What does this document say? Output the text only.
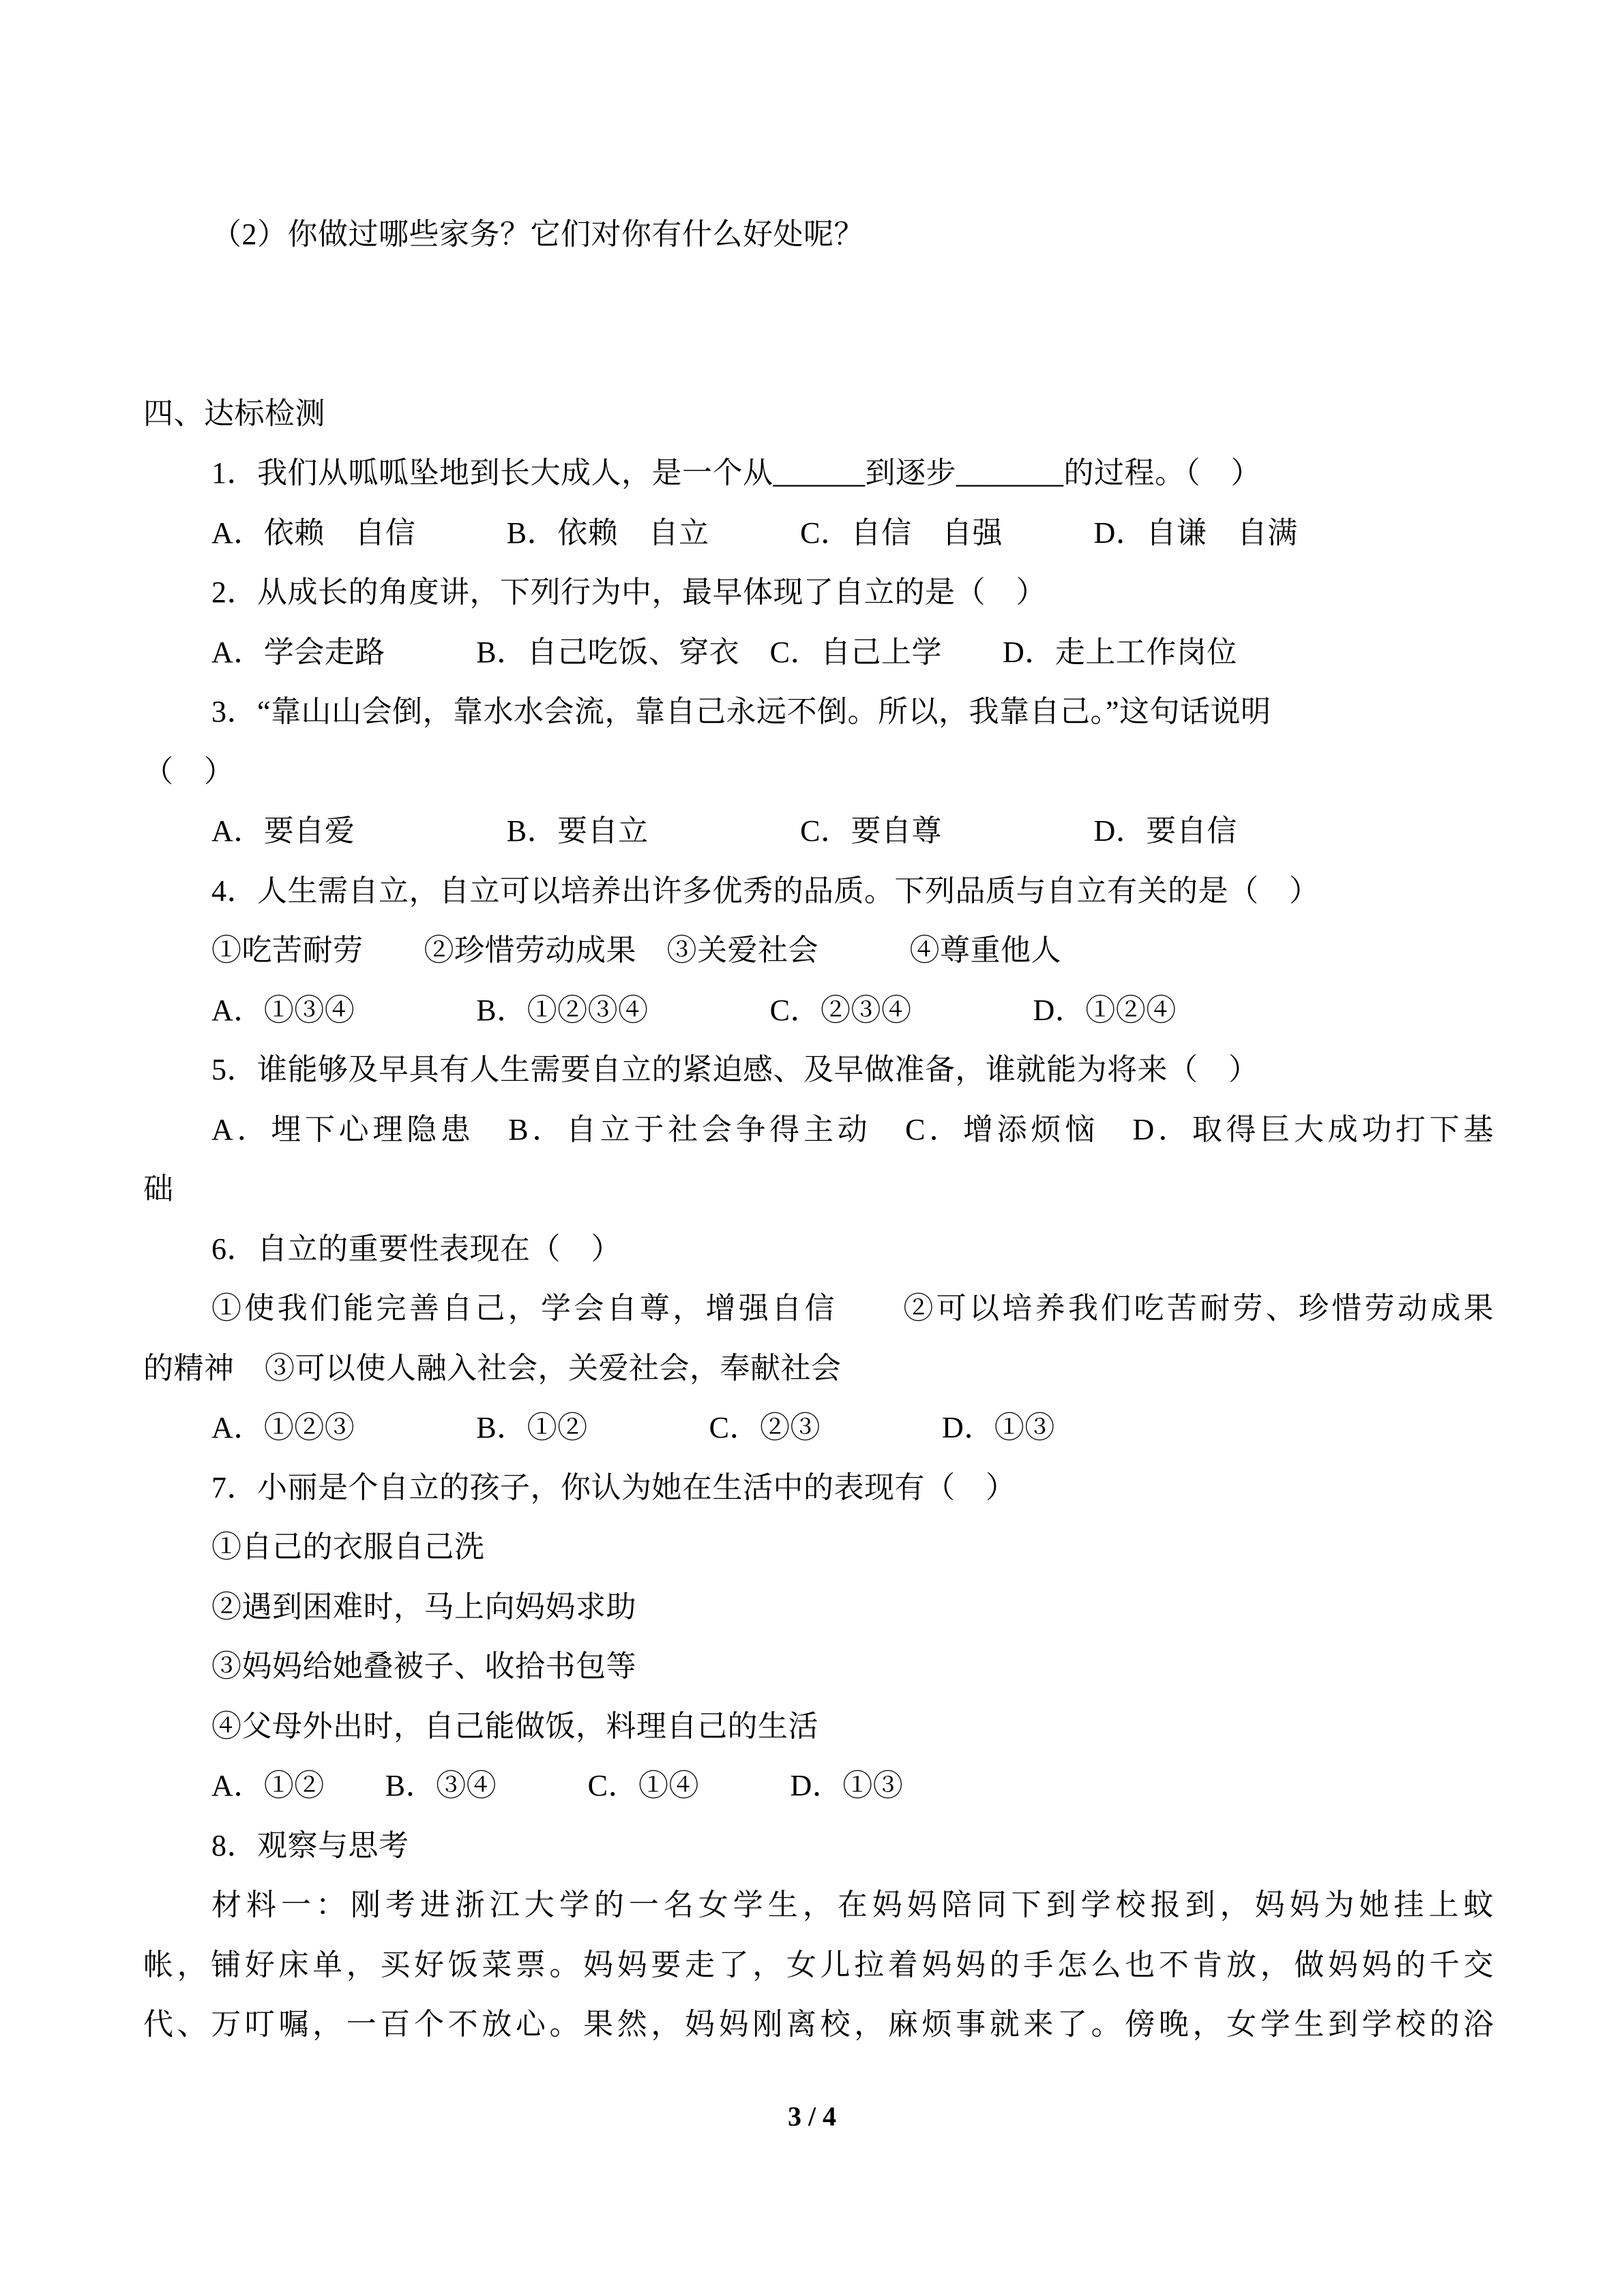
（2）你做过哪些家务？它们对你有什么好处呢？
四、达标检测
1．我们从呱呱坠地到长大成人，是一个从______到逐步_______的过程。（　）
A．依赖　自信　　　B．依赖　自立　　　C．自信　自强　　　D．自谦　自满
2．从成长的角度讲，下列行为中，最早体现了自立的是（　）
A．学会走路　　　B．自己吃饭、穿衣　C．自己上学　　D．走上工作岗位
3．“靠山山会倒，靠水水会流，靠自己永远不倒。所以，我靠自己。”这句话说明
（　）
A．要自爱　　　　　B．要自立　　　　　C．要自尊　　　　　D．要自信
4．人生需自立，自立可以培养出许多优秀的品质。下列品质与自立有关的是（　）
①吃苦耐劳　　②珍惜劳动成果　③关爱社会　　　④尊重他人
A．①③④　　　　B．①②③④　　　　C．②③④　　　　D．①②④
5．谁能够及早具有人生需要自立的紧迫感、及早做准备，谁就能为将来（　）
A．埋下心理隐患　B．自立于社会争得主动　C．增添烦恼　D．取得巨大成功打下基
础
6．自立的重要性表现在（　）
①使我们能完善自己，学会自尊，增强自信　　②可以培养我们吃苦耐劳、珍惜劳动成果
的精神　③可以使人融入社会，关爱社会，奉献社会
A．①②③　　　　B．①②　　　　C．②③　　　　D．①③
7．小丽是个自立的孩子，你认为她在生活中的表现有（　）
①自己的衣服自己洗
②遇到困难时，马上向妈妈求助
③妈妈给她叠被子、收拾书包等
④父母外出时，自己能做饭，料理自己的生活
A．①②　　B．③④　　　C．①④　　　D．①③
8．观察与思考
材料一：刚考进浙江大学的一名女学生，在妈妈陪同下到学校报到，妈妈为她挂上蚊
帐，铺好床单，买好饭菜票。妈妈要走了，女儿拉着妈妈的手怎么也不肯放，做妈妈的千交
代、万叮嘱，一百个不放心。果然，妈妈刚离校，麻烦事就来了。傍晚，女学生到学校的浴
3 / 4
